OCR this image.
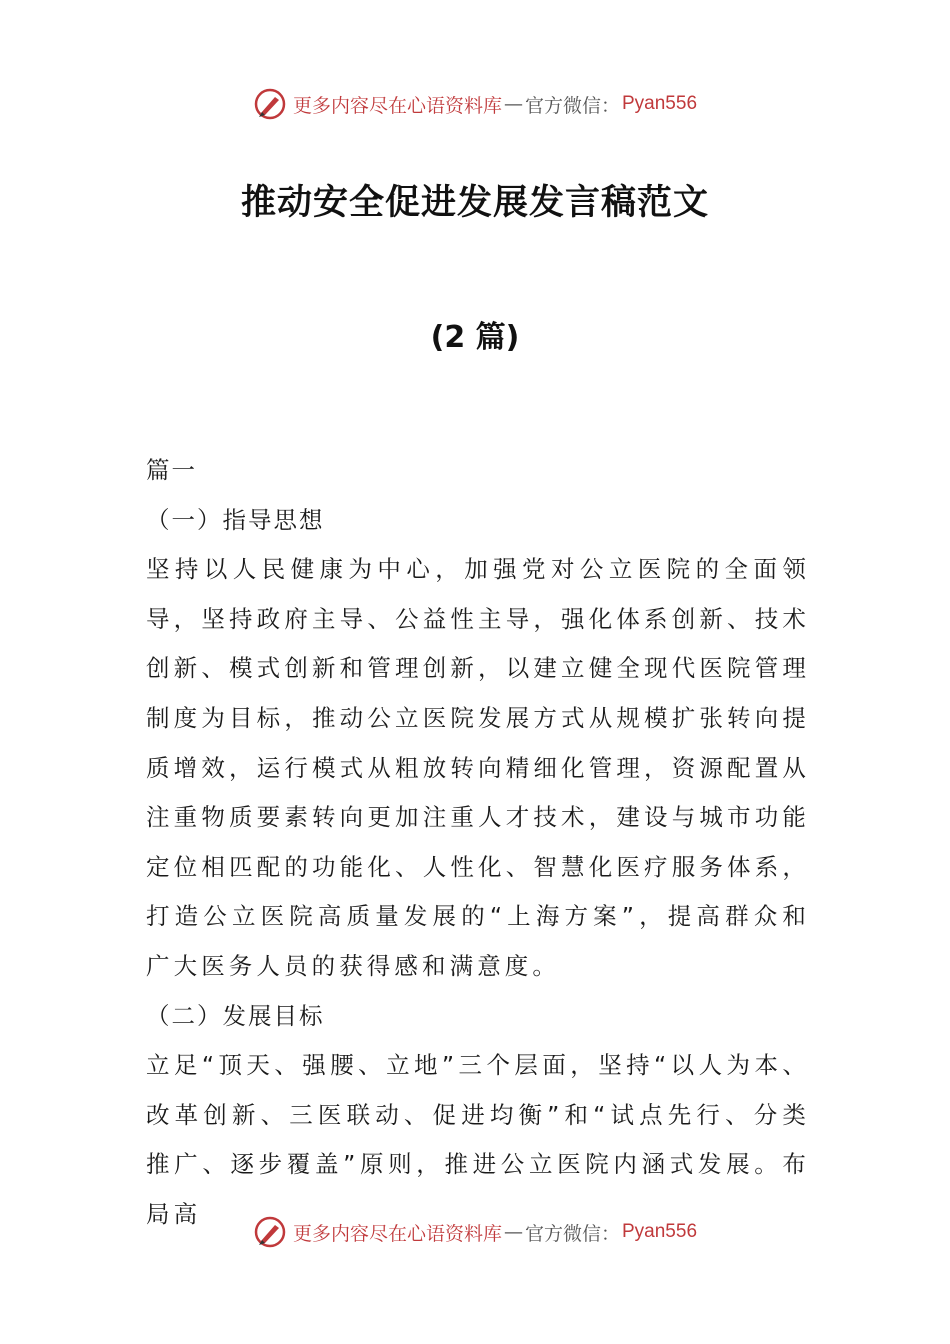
更多内容尽在心语资料库 — 官方微信： Pyan556
推动安全促进发展发言稿范文
(2 篇)

篇一

（一）指导思想

坚持以人民健康为中心，加强党对公立医院的全面领导，坚持政府主导、公益性主导，强化体系创新、技术创新、模式创新和管理创新，以建立健全现代医院管理制度为目标，推动公立医院发展方式从规模扩张转向提质增效，运行模式从粗放转向精细化管理，资源配置从注重物质要素转向更加注重人才技术，建设与城市功能定位相匹配的功能化、人性化、智慧化医疗服务体系，打造公立医院高质量发展的“上海方案”，提高群众和广大医务人员的获得感和满意度。

（二）发展目标

立足“顶天、强腰、立地”三个层面，坚持“以人为本、改革创新、三医联动、促进均衡”和“试点先行、分类推广、逐步覆盖”原则，推进公立医院内涵式发展。布局高

更多内容尽在心语资料库 — 官方微信： Pyan556
